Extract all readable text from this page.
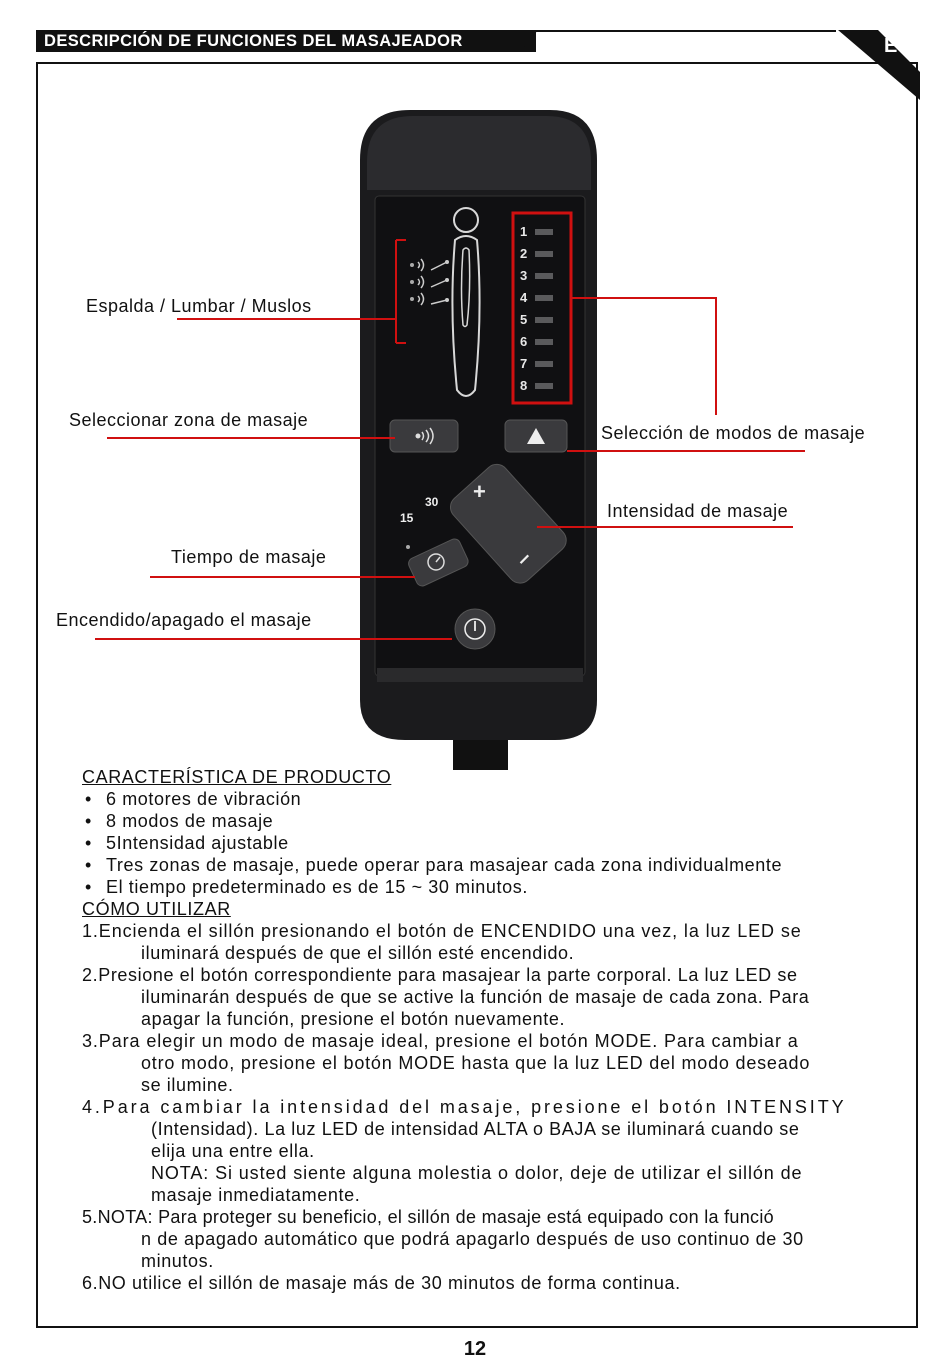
DESCRIPCIÓN DE FUNCIONES DEL MASAJEADOR	ES
1
2
3
4
5
6
7
8
+
–
15
30
Espalda / Lumbar / Muslos
Seleccionar zona de masaje
Selección de modos de masaje
Intensidad de masaje
Tiempo de masaje
Encendido/apagado el masaje
CARACTERÍSTICA DE PRODUCTO
• 6 motores de vibración
• 8 modos de masaje
• 5Intensidad ajustable
• Tres zonas de masaje, puede operar para masajear cada zona individualmente
• El tiempo predeterminado es de 15 ~ 30 minutos.
CÓMO UTILIZAR
1.Encienda el sillón presionando el botón de ENCENDIDO una vez, la luz LED se
iluminará después de que el sillón esté encendido.
2.Presione el botón correspondiente para masajear la parte corporal. La luz LED se
iluminarán después de que se active la función de masaje de cada zona. Para
apagar la función, presione el botón nuevamente.
3.Para elegir un modo de masaje ideal, presione el botón MODE. Para cambiar a
otro modo, presione el botón MODE hasta que la luz LED del modo deseado
se ilumine.
4.Para cambiar la intensidad del masaje, presione el botón INTENSITY
(Intensidad). La luz LED de intensidad ALTA o BAJA se iluminará cuando se
elija una entre ella.
NOTA: Si usted siente alguna molestia o dolor, deje de utilizar el sillón de
masaje inmediatamente.
5.NOTA: Para proteger su beneficio, el sillón de masaje está equipado con la funció
n de apagado automático que podrá apagarlo después de uso continuo de 30
minutos.
6.NO utilice el sillón de masaje más de 30 minutos de forma continua.
12
